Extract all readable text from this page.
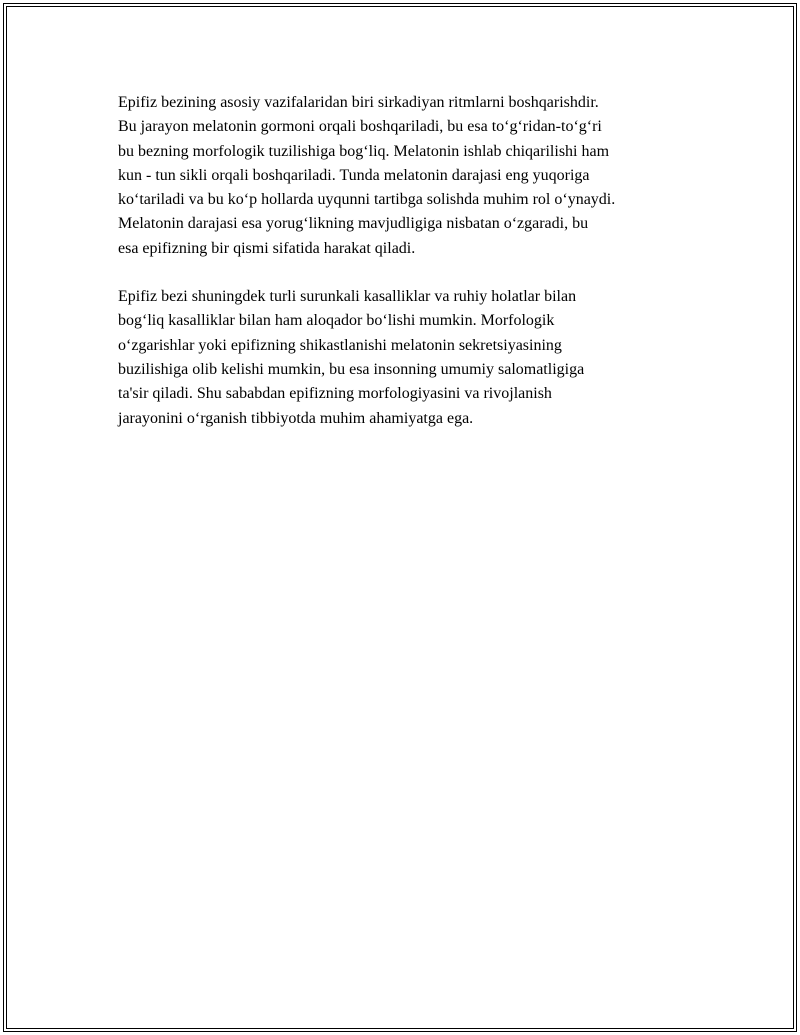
Epifiz bezining asosiy vazifalaridan biri sirkadiyan ritmlarni boshqarishdir.
Bu jarayon melatonin gormoni orqali boshqariladi, bu esa to‘g‘ridan-to‘g‘ri
bu bezning morfologik tuzilishiga bog‘liq. Melatonin ishlab chiqarilishi ham
kun - tun sikli orqali boshqariladi. Tunda melatonin darajasi eng yuqoriga
ko‘tariladi va bu ko‘p hollarda uyqunni tartibga solishda muhim rol o‘ynaydi.
Melatonin darajasi esa yorug‘likning mavjudligiga nisbatan o‘zgaradi, bu
esa epifizning bir qismi sifatida harakat qiladi.

Epifiz bezi shuningdek turli surunkali kasalliklar va ruhiy holatlar bilan
bog‘liq kasalliklar bilan ham aloqador bo‘lishi mumkin. Morfologik
o‘zgarishlar yoki epifizning shikastlanishi melatonin sekretsiyasining
buzilishiga olib kelishi mumkin, bu esa insonning umumiy salomatligiga
ta'sir qiladi. Shu sababdan epifizning morfologiyasini va rivojlanish
jarayonini o‘rganish tibbiyotda muhim ahamiyatga ega.
